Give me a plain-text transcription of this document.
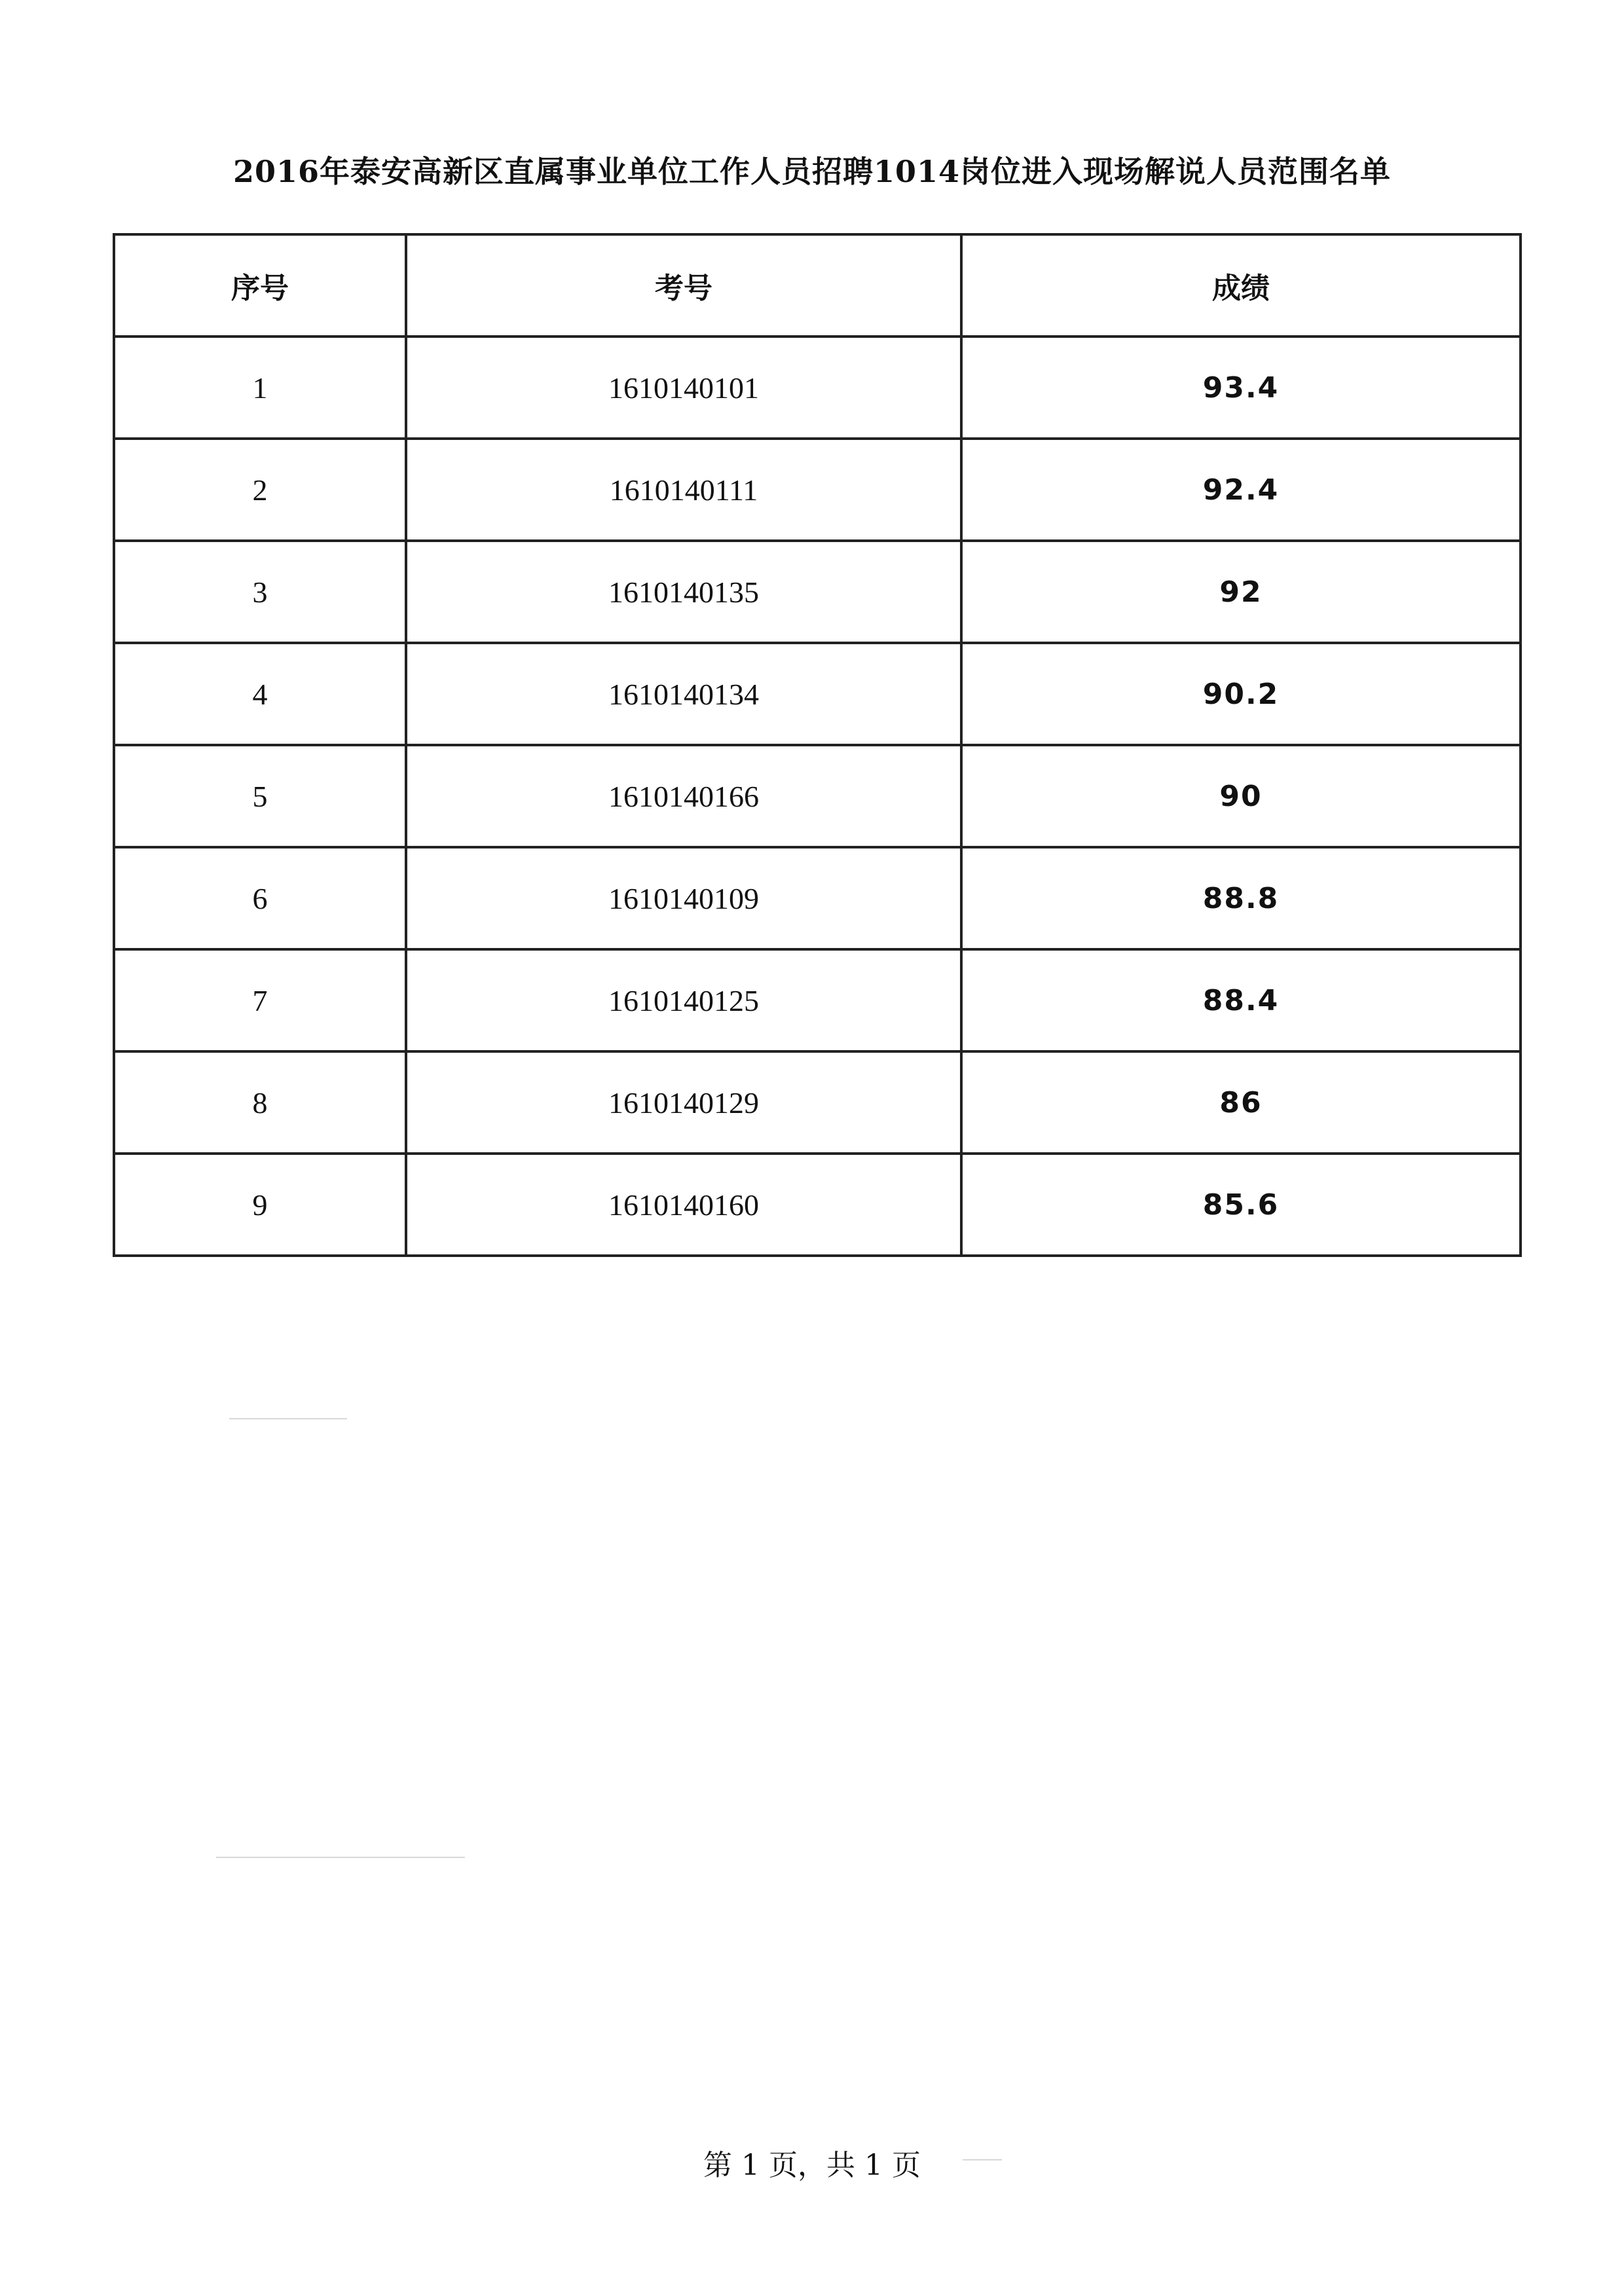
2016年泰安高新区直属事业单位工作人员招聘1014岗位进入现场解说人员范围名单
序号	考号	成绩
1	1610140101	93.4
2	1610140111	92.4
3	1610140135	92
4	1610140134	90.2
5	1610140166	90
6	1610140109	88.8
7	1610140125	88.4
8	1610140129	86
9	1610140160	85.6
第 1 页，共 1 页
